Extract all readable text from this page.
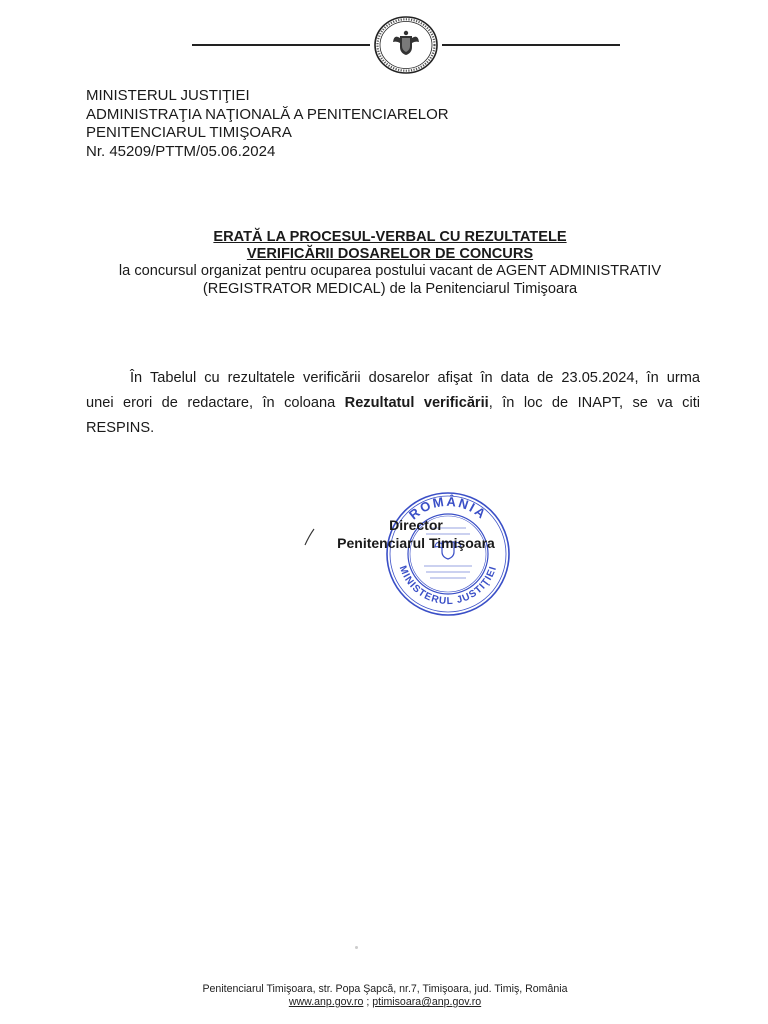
MINISTERUL JUSTIŢIEI
ADMINISTRAŢIA NAŢIONALĂ A PENITENCIARELOR
PENITENCIARUL TIMIŞOARA
Nr. 45209/PTTM/05.06.2024
ERATĂ LA PROCESUL-VERBAL CU REZULTATELE
VERIFICĂRII DOSARELOR DE CONCURS
la concursul organizat pentru ocuparea postului vacant de AGENT ADMINISTRATIV
(REGISTRATOR MEDICAL) de la Penitenciarul Timişoara
În Tabelul cu rezultatele verificării dosarelor afişat în data de 23.05.2024, în urma
unei erori de redactare, în coloana Rezultatul verificării, în loc de INAPT, se va citi
RESPINS.
ROMÂNIA
MINISTERUL JUSTIŢIEI
Director
Penitenciarul Timişoara
Penitenciarul Timişoara, str. Popa Şapcă, nr.7, Timişoara, jud. Timiş, România
www.anp.gov.ro ; ptimisoara@anp.gov.ro
